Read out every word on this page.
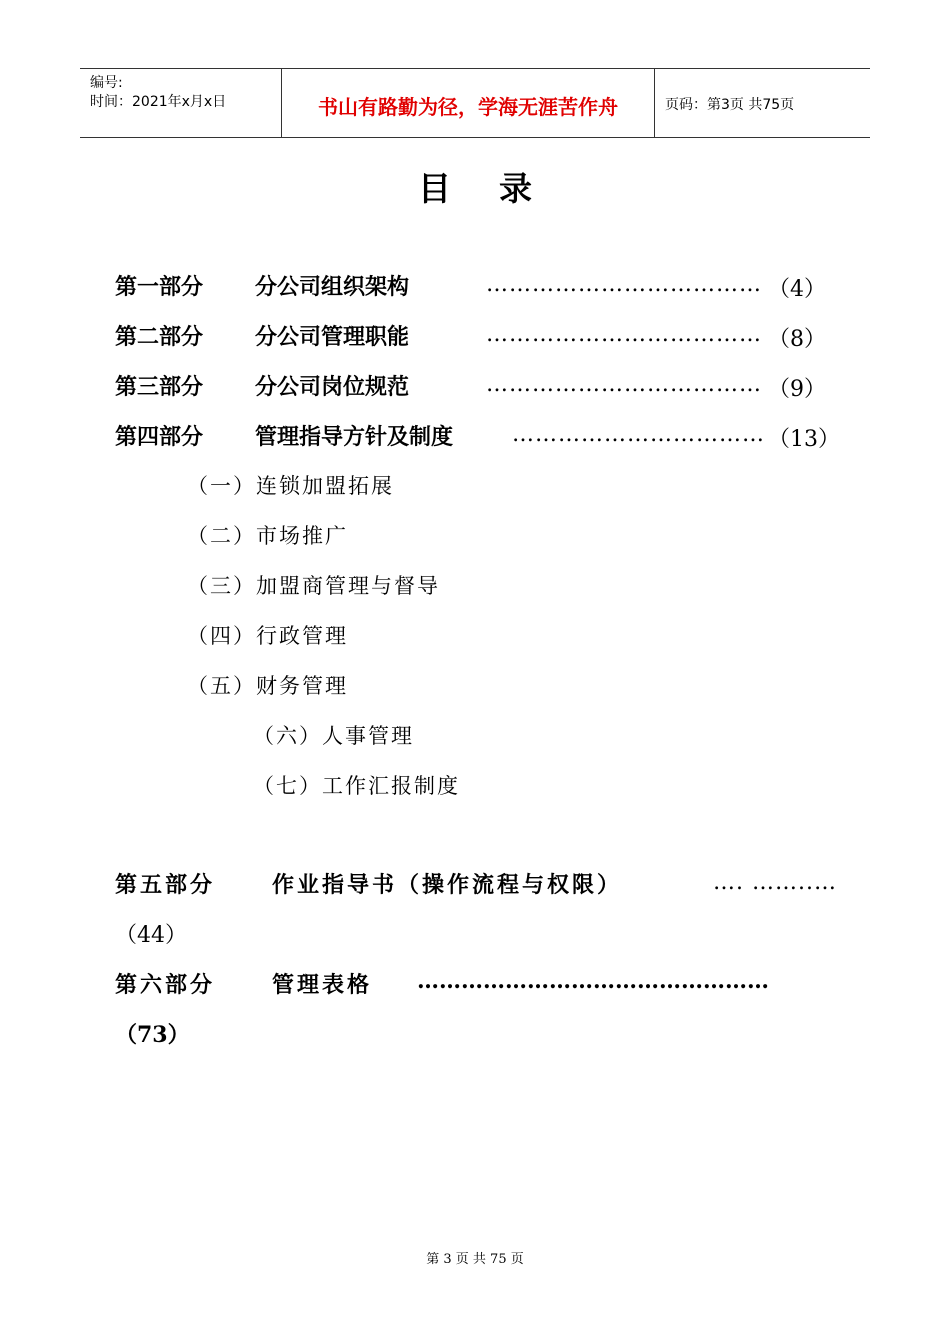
编号:
时间：2021年x月x日	书山有路勤为径，学海无涯苦作舟	页码：第3页 共75页
目录
第一部分 分公司组织架构	……………………………… （4）
第二部分 分公司管理职能	……………………………… （8）
第三部分 分公司岗位规范	……………………………… （9）
第四部分 管理指导方针及制度	…………………………… （13）
（一）连锁加盟拓展
（二）市场推广
（三）加盟商管理与督导
（四）行政管理
（五）财务管理
（六）人事管理
（七）工作汇报制度
第五部分	作业指导书（操作流程与权限）	…. ……..…
（44）
第六部分	管理表格 …………………………………………
（73）
第 3 页 共 75 页
